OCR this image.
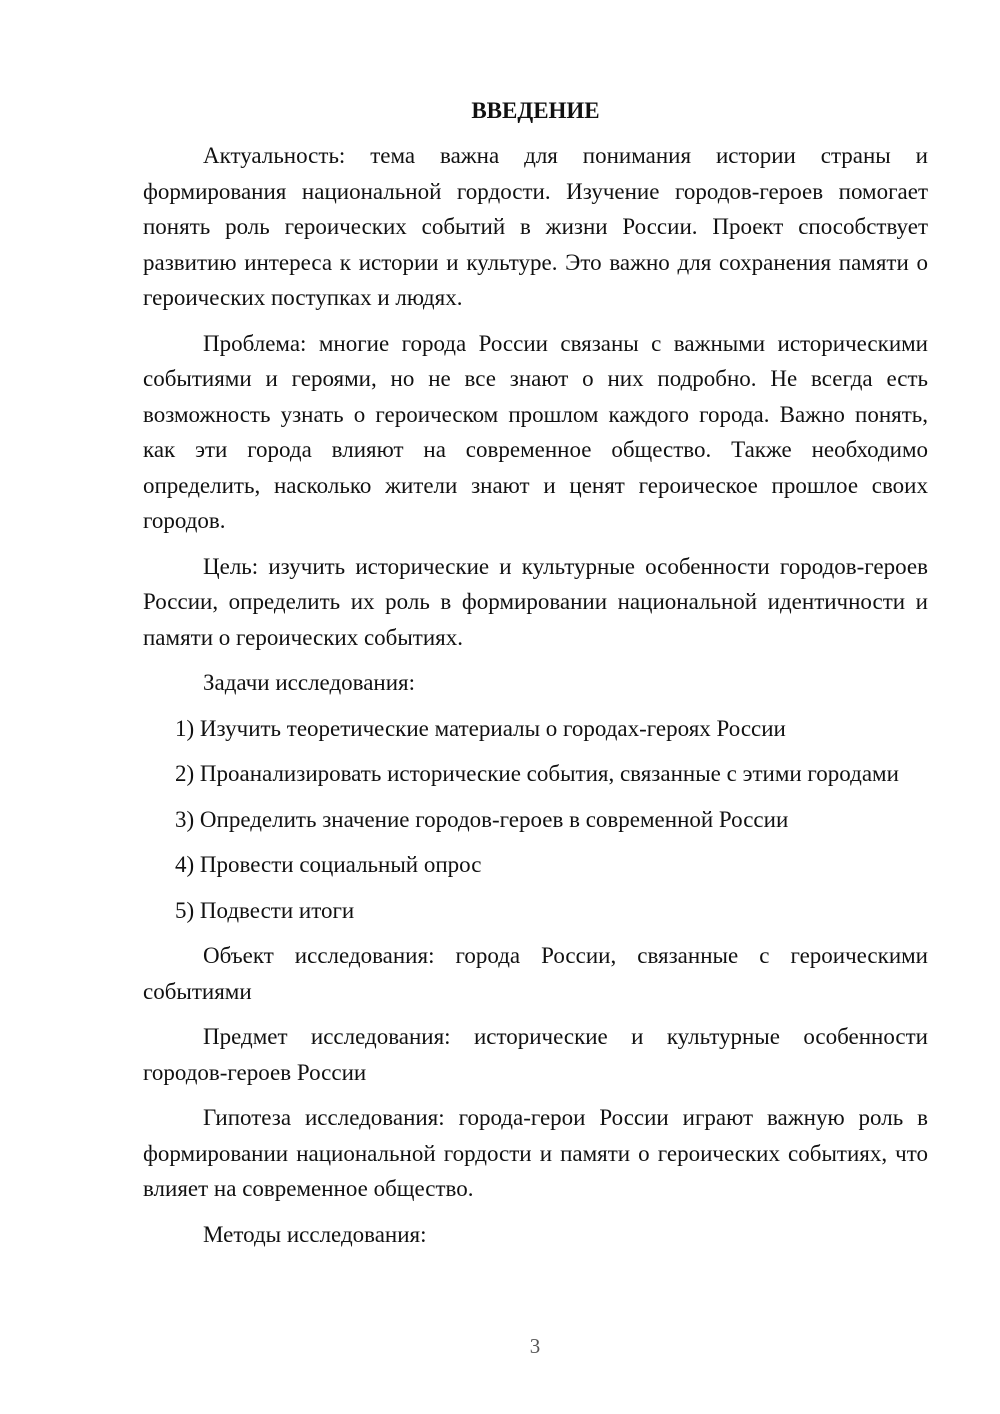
ВВЕДЕНИЕ

Актуальность: тема важна для понимания истории страны и формирования национальной гордости. Изучение городов-героев помогает понять роль героических событий в жизни России. Проект способствует развитию интереса к истории и культуре. Это важно для сохранения памяти о героических поступках и людях.

Проблема: многие города России связаны с важными историческими событиями и героями, но не все знают о них подробно. Не всегда есть возможность узнать о героическом прошлом каждого города. Важно понять, как эти города влияют на современное общество. Также необходимо определить, насколько жители знают и ценят героическое прошлое своих городов.

Цель: изучить исторические и культурные особенности городов-героев России, определить их роль в формировании национальной идентичности и памяти о героических событиях.

Задачи исследования:

1) Изучить теоретические материалы о городах-героях России

2) Проанализировать исторические события, связанные с этими городами

3) Определить значение городов-героев в современной России

4) Провести социальный опрос

5) Подвести итоги

Объект исследования: города России, связанные с героическими событиями

Предмет исследования: исторические и культурные особенности городов-героев России

Гипотеза исследования: города-герои России играют важную роль в формировании национальной гордости и памяти о героических событиях, что влияет на современное общество.

Методы исследования:

3
